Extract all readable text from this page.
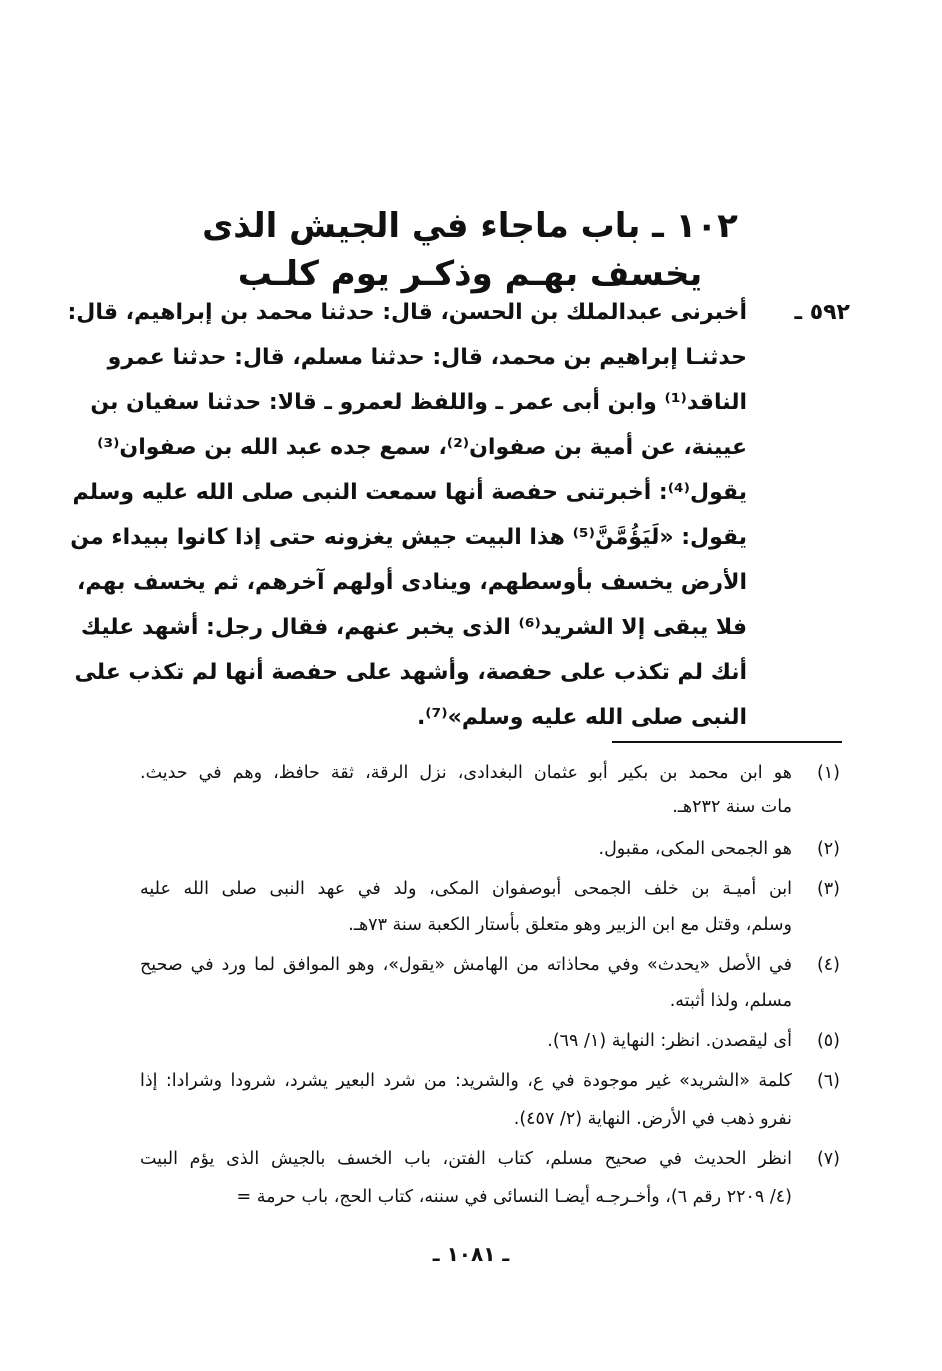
١٠٢ ـ باب ماجاء في الجيش الذى
يخسف بهـم وذكـر يوم كلـب
٥٩٢ ـ
أخبرنى عبدالملك بن الحسن، قال: حدثنا محمد بن إبراهيم، قال:
حدثنـا إبراهيم بن محمد، قال: حدثنا مسلم، قال: حدثنا عمرو
الناقد⁽¹⁾ وابن أبى عمر ـ واللفظ لعمرو ـ قالا: حدثنا سفيان بن
عيينة، عن أمية بن صفوان⁽²⁾، سمع جده عبد الله بن صفوان⁽³⁾
يقول⁽⁴⁾: أخبرتنى حفصة أنها سمعت النبى صلى الله عليه وسلم
يقول: «لَيَؤُمَّنَّ⁽⁵⁾ هذا البيت جيش يغزونه حتى إذا كانوا ببيداء من
الأرض يخسف بأوسطهم، وينادى أولهم آخرهم، ثم يخسف بهم،
فلا يبقى إلا الشريد⁽⁶⁾ الذى يخبر عنهم، فقال رجل: أشهد عليك
أنك لم تكذب على حفصة، وأشهد على حفصة أنها لم تكذب على
النبى صلى الله عليه وسلم»⁽⁷⁾.
(١)
هو ابن محمد بن بكير أبو عثمان البغدادى، نزل الرقة، ثقة حافظ، وهم في حديث.
مات سنة ٢٣٢هـ.
(٢)
هو الجمحى المكى، مقبول.
(٣)
ابن أميـة بن خلف الجمحى أبوصفوان المكى، ولد في عهد النبى صلى الله عليه
وسلم، وقتل مع ابن الزبير وهو متعلق بأستار الكعبة سنة ٧٣هـ.
(٤)
في الأصل «يحدث» وفي محاذاته من الهامش «يقول»، وهو الموافق لما ورد في صحيح
مسلم، ولذا أثبته.
(٥)
أى ليقصدن. انظر: النهاية (١/ ٦٩).
(٦)
كلمة «الشريد» غير موجودة في ع، والشريد: من شرد البعير يشرد، شرودا وشرادا: إذا
نفرو ذهب في الأرض. النهاية (٢/ ٤٥٧).
(٧)
انظر الحديث في صحيح مسلم، كتاب الفتن، باب الخسف بالجيش الذى يؤم البيت
(٤/ ٢٢٠٩ رقم ٦)، وأخـرجـه أيضـا النسائى في سننه، كتاب الحج، باب حرمة =
ـ ١٠٨١ ـ
